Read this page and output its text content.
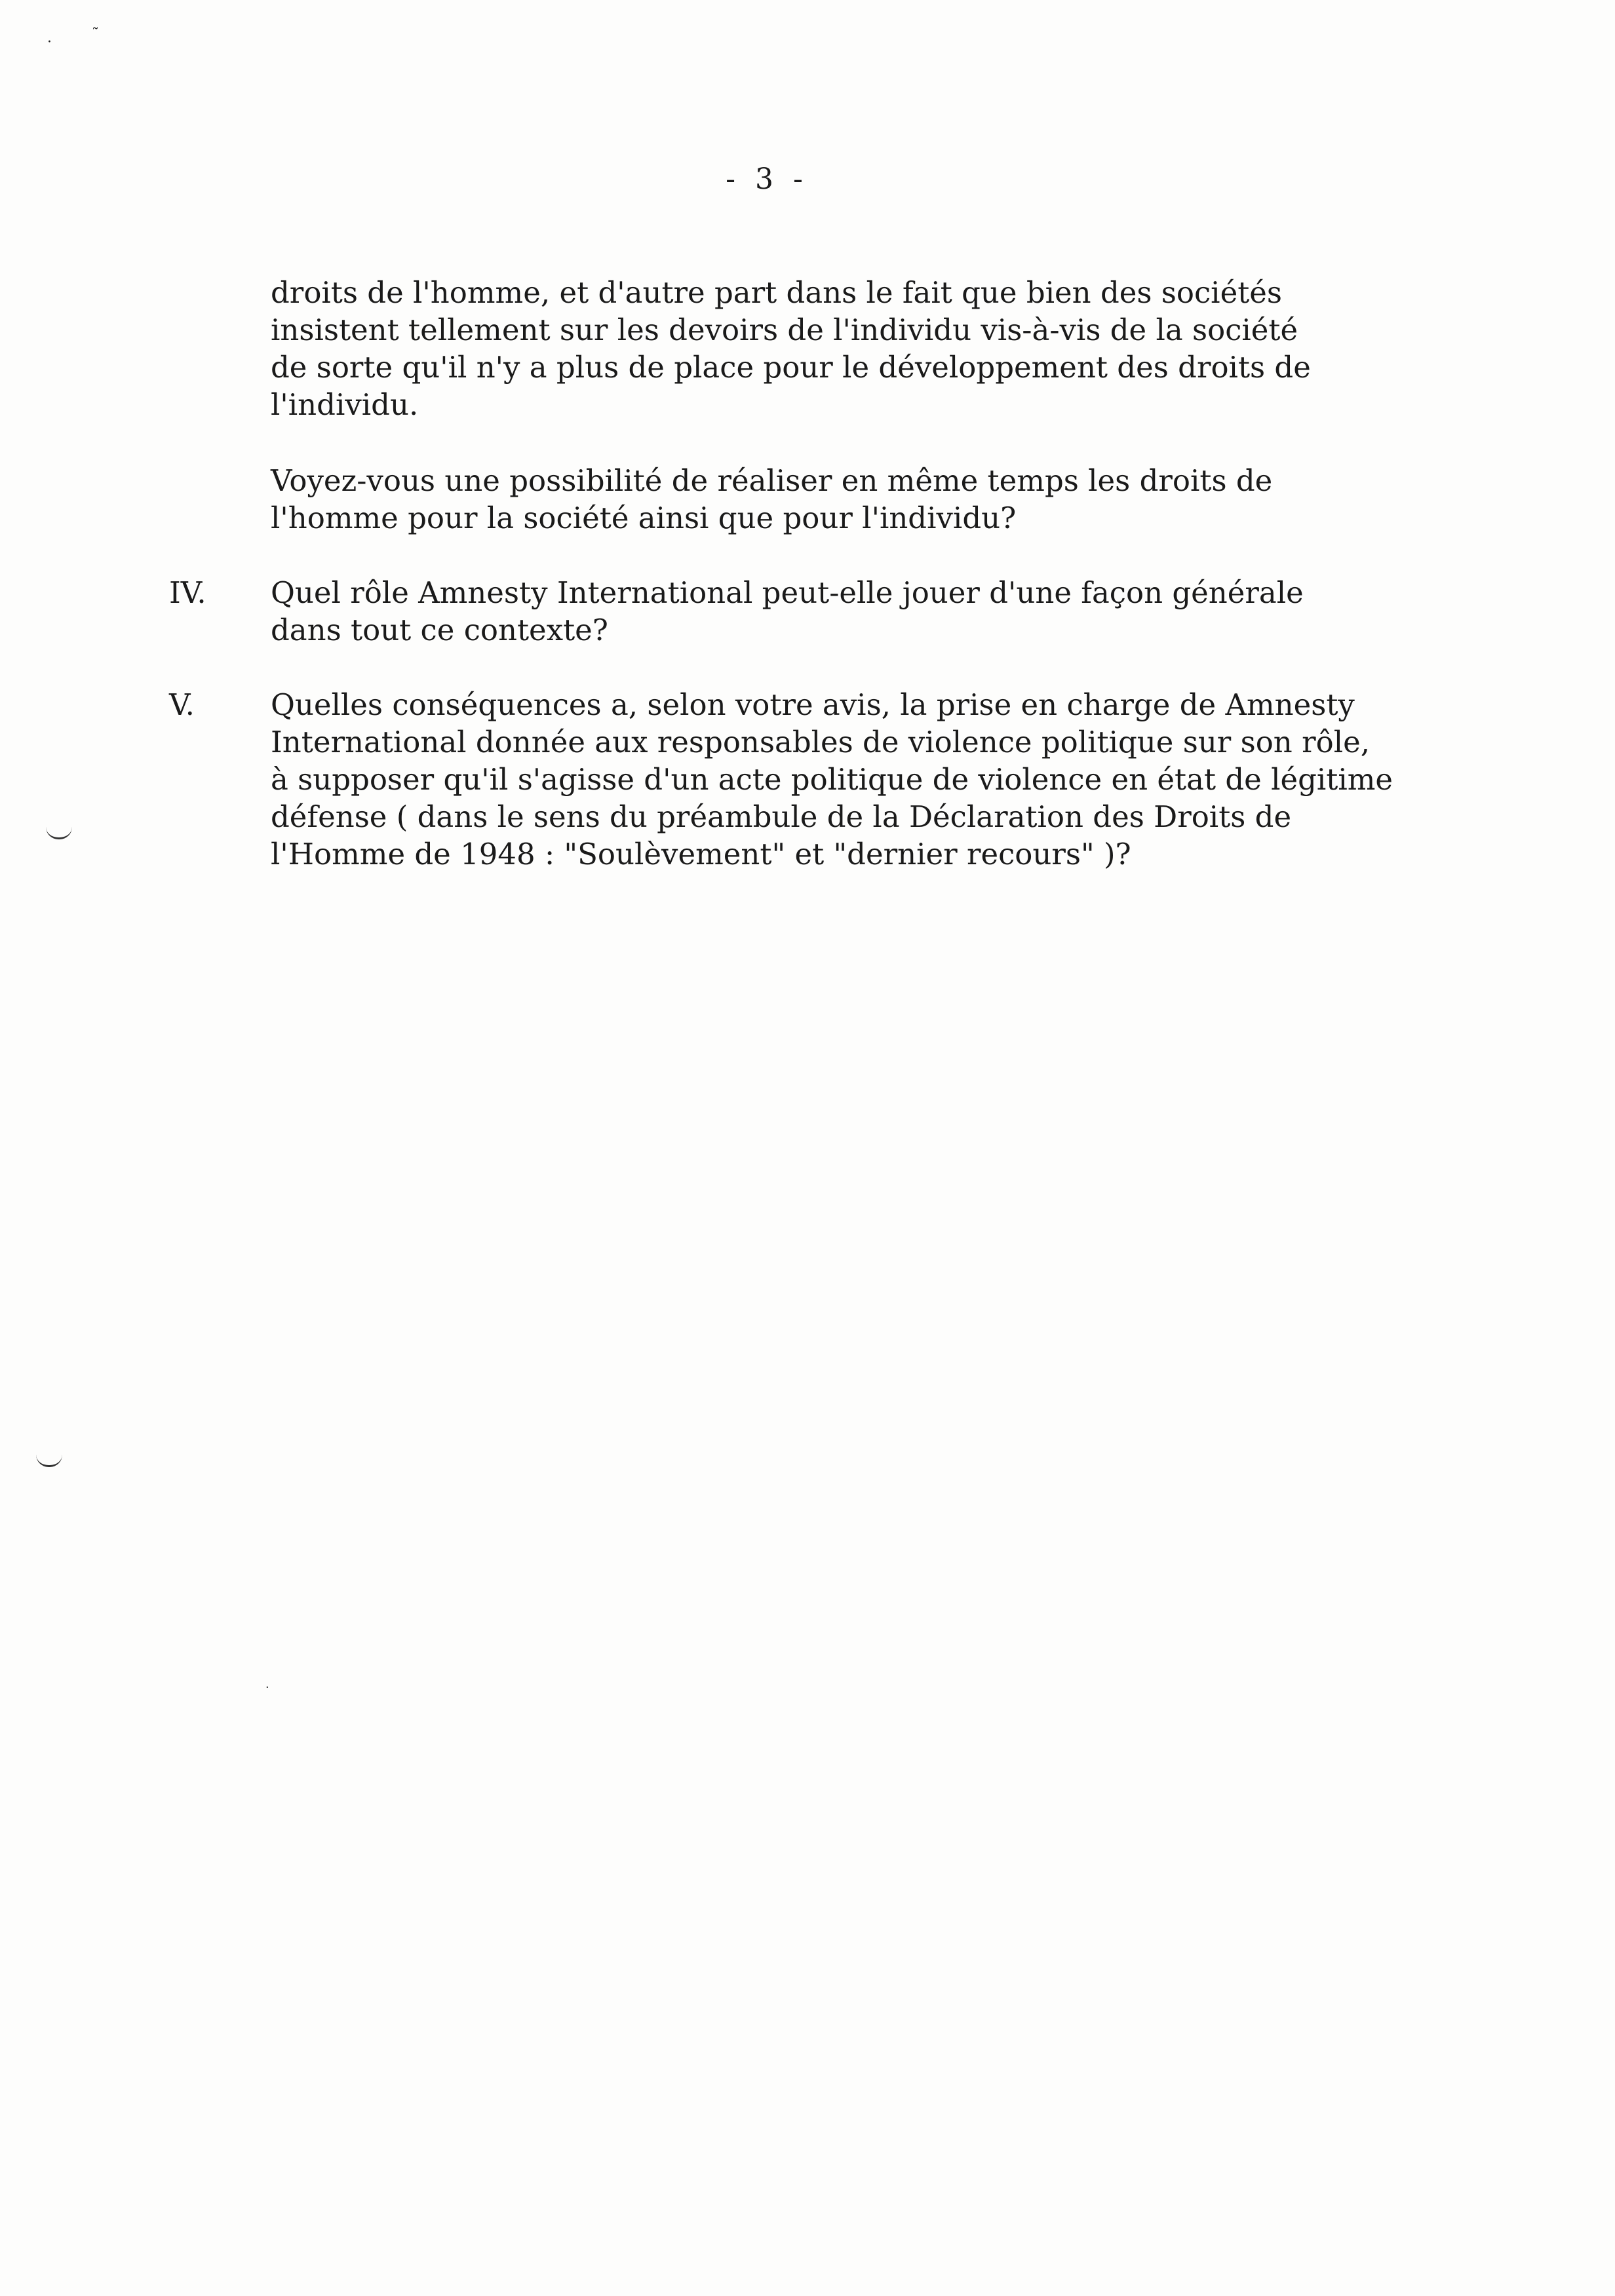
·	˜
- 3 -

droits de l'homme, et d'autre part dans le fait que bien des sociétés
insistent tellement sur les devoirs de l'individu vis-à-vis de la société
de sorte qu'il n'y a plus de place pour le développement des droits de
l'individu.

Voyez-vous une possibilité de réaliser en même temps les droits de
l'homme pour la société ainsi que pour l'individu?

IV. Quel rôle Amnesty International peut-elle jouer d'une façon générale
dans tout ce contexte?
V.	Quelles conséquences a, selon votre avis, la prise en charge de Amnesty
International donnée aux responsables de violence politique sur son rôle,
à supposer qu'il s'agisse d'un acte politique de violence en état de légitime
défense ( dans le sens du préambule de la Déclaration des Droits de
l'Homme de 1948 : "Soulèvement" et "dernier recours" )?
·
